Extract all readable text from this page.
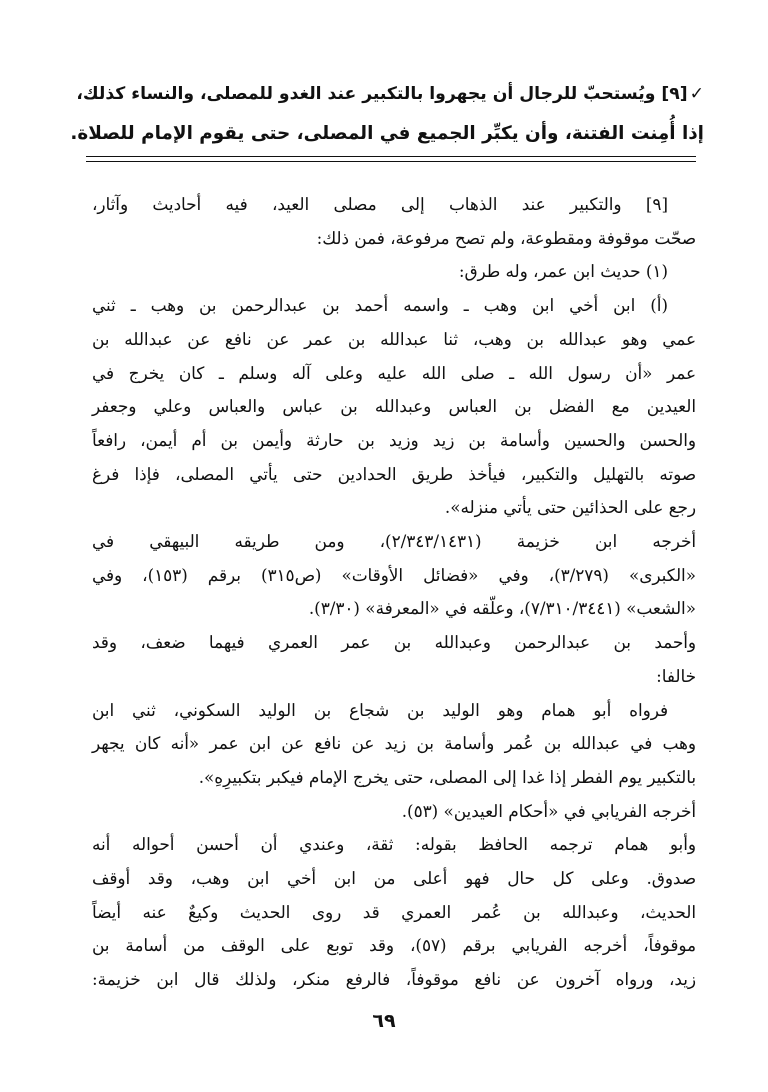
✓[٩] ويُستحبّ للرجال أن يجهروا بالتكبير عند الغدو للمصلى، والنساء كذلك،
إذا أُمِنت الفتنة، وأن يكبِّر الجميع في المصلى، حتى يقوم الإمام للصلاة.
[٩] والتكبير عند الذهاب إلى مصلى العيد، فيه أحاديث وآثار،
صحّت موقوفة ومقطوعة، ولم تصح مرفوعة، فمن ذلك:
(١) حديث ابن عمر، وله طرق:
(أ) ابن أخي ابن وهب ـ واسمه أحمد بن عبدالرحمن بن وهب ـ ثني
عمي وهو عبدالله بن وهب، ثنا عبدالله بن عمر عن نافع عن عبدالله بن
عمر «أن رسول الله ـ صلى الله عليه وعلى آله وسلم ـ كان يخرج في
العيدين مع الفضل بن العباس وعبدالله بن عباس والعباس وعلي وجعفر
والحسن والحسين وأسامة بن زيد وزيد بن حارثة وأيمن بن أم أيمن، رافعاً
صوته بالتهليل والتكبير، فيأخذ طريق الحدادين حتى يأتي المصلى، فإذا فرغ
رجع على الحذائين حتى يأتي منزله».
أخرجه ابن خزيمة (٢/٣٤٣/١٤٣١)، ومن طريقه البيهقي في
«الكبرى» (٣/٢٧٩)، وفي «فضائل الأوقات» (ص٣١٥) برقم (١٥٣)، وفي
«الشعب» (٧/٣١٠/٣٤٤١)، وعلّقه في «المعرفة» (٣/٣٠).
وأحمد بن عبدالرحمن وعبدالله بن عمر العمري فيهما ضعف، وقد
خالفا:
فرواه أبو همام وهو الوليد بن شجاع بن الوليد السكوني، ثني ابن
وهب في عبدالله بن عُمر وأسامة بن زيد عن نافع عن ابن عمر «أنه كان يجهر
بالتكبير يوم الفطر إذا غدا إلى المصلى، حتى يخرج الإمام فيكبر بتكبيرِهِ».
أخرجه الفريابي في «أحكام العيدين» (٥٣).
وأبو همام ترجمه الحافظ بقوله: ثقة، وعندي أن أحسن أحواله أنه
صدوق. وعلى كل حال فهو أعلى من ابن أخي ابن وهب، وقد أوقف
الحديث، وعبدالله بن عُمر العمري قد روى الحديث وكيعٌ عنه أيضاً
موقوفاً، أخرجه الفريابي برقم (٥٧)، وقد توبع على الوقف من أسامة بن
زيد، ورواه آخرون عن نافع موقوفاً، فالرفع منكر، ولذلك قال ابن خزيمة:
٦٩
